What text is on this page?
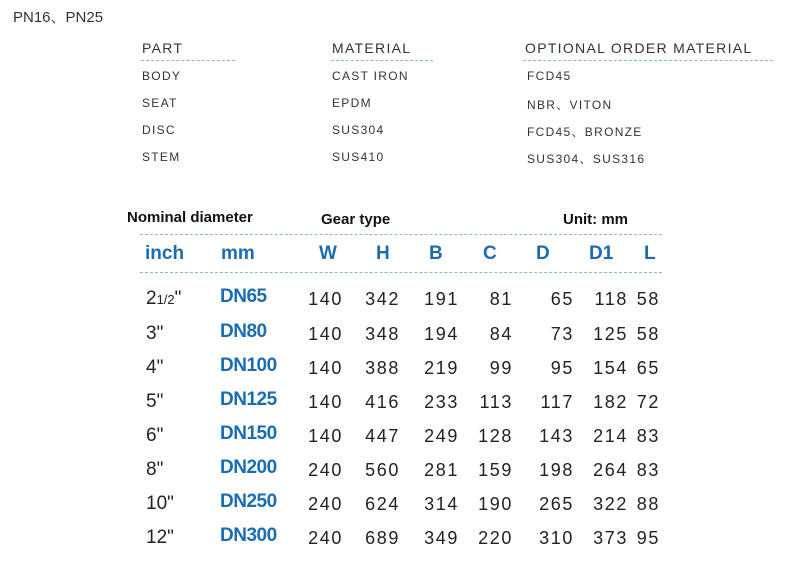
PN16、PN25
PART	MATERIAL	OPTIONAL ORDER MATERIAL
BODY	CAST IRON	FCD45
SEAT	EPDM	NBR、VITON
DISC	SUS304	FCD45、BRONZE
STEM	SUS410	SUS304、SUS316
Nominal diameter	Gear type	Unit: mm
inch mm	W H B C D D1 L
21/2" DN65 140 342 191 81 65 118 58
3"	DN80 140 348 194 84 73 125 58
4"	DN100 140 388 219 99 95 154 65
5"	DN125 140 416 233 113 117 182 72
6"	DN150 140 447 249 128 143 214 83
8"	DN200 240 560 281 159 198 264 83
10" DN250 240 624 314 190 265 322 88
12" DN300 240 689 349 220 310 373 95
